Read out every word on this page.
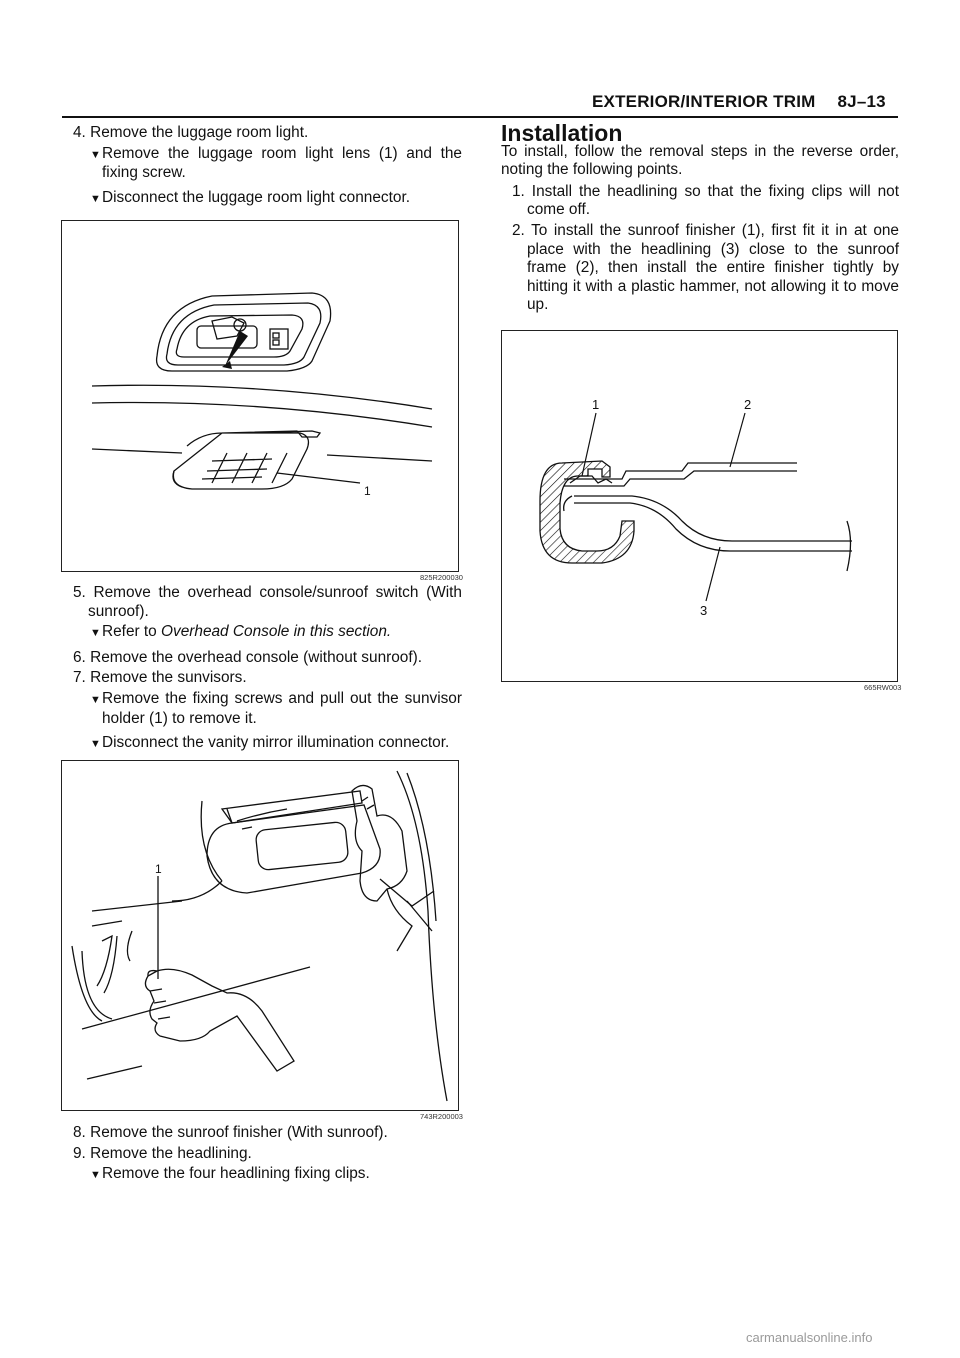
EXTERIOR/INTERIOR TRIM 8J–13

4. Remove the luggage room light.

▼ Remove the luggage room light lens (1) and the fixing screw.

▼ Disconnect the luggage room light connector.

1
825R200030

5. Remove the overhead console/sunroof switch (With sunroof).

▼ Refer to Overhead Console in this section.

6. Remove the overhead console (without sunroof).

7. Remove the sunvisors.

▼ Remove the fixing screws and pull out the sunvisor holder (1) to remove it.

▼ Disconnect the vanity mirror illumination connector.

1
743R200003

8. Remove the sunroof finisher (With sunroof).

9. Remove the headlining.

▼ Remove the four headlining fixing clips.

Installation

To install, follow the removal steps in the reverse order, noting the following points.

1. Install the headlining so that the fixing clips will not come off.

2. To install the sunroof finisher (1), first fit it in at one place with the headlining (3) close to the sunroof frame (2), then install the entire finisher tightly by hitting it with a plastic hammer, not allowing it to move up.

1	2
3
665RW003
carmanualsonline.info
